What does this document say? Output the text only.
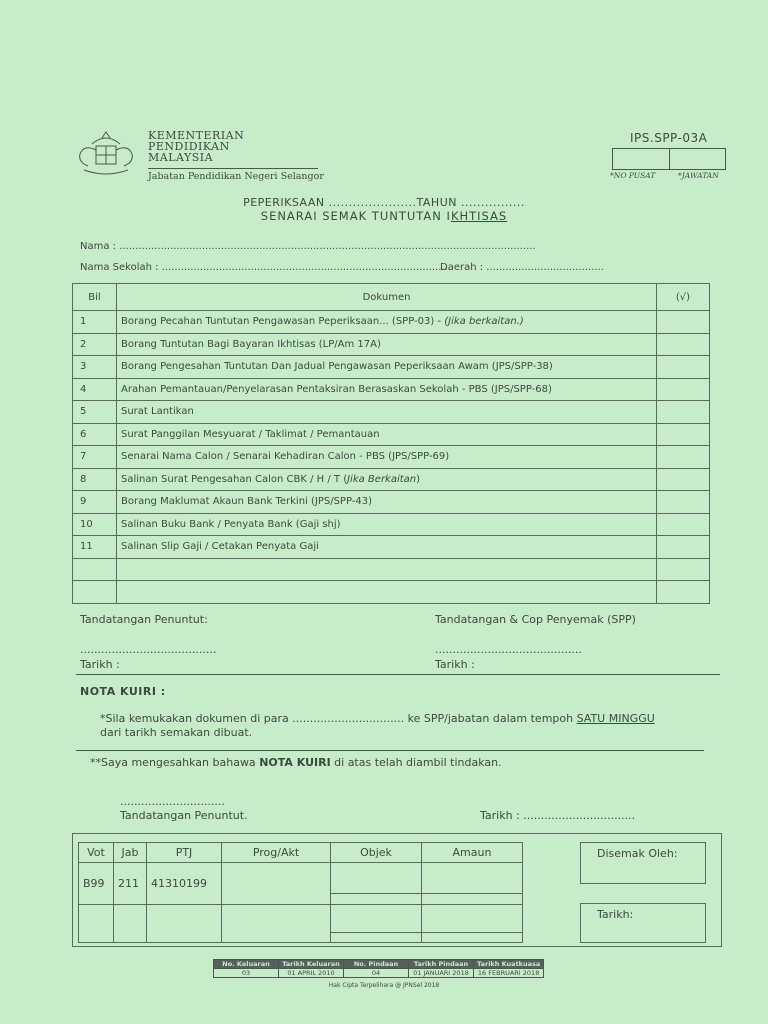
KEMENTERIAN
PENDIDIKAN
MALAYSIA
Jabatan Pendidikan Negeri Selangor
IPS.SPP-03A
*NO PUSAT	*JAWATAN
PEPERIKSAAN ......................TAHUN ................
SENARAI SEMAK TUNTUTAN IKHTISAS
Nama : ...................................................................................................................................
Nama Sekolah : ...........................................................................................
Daerah : .....................................
Bil	Dokumen	(√)
1	Borang Pecahan Tuntutan Pengawasan Peperiksaan... (SPP-03) - (Jika berkaitan.)	
2	Borang Tuntutan Bagi Bayaran Ikhtisas (LP/Am 17A)	
3	Borang Pengesahan Tuntutan Dan Jadual Pengawasan Peperiksaan Awam (JPS/SPP-38)	
4	Arahan Pemantauan/Penyelarasan Pentaksiran Berasaskan Sekolah - PBS (JPS/SPP-68)	
5	Surat Lantikan	
6	Surat Panggilan Mesyuarat / Taklimat / Pemantauan	
7	Senarai Nama Calon / Senarai Kehadiran Calon - PBS (JPS/SPP-69)	
8	Salinan Surat Pengesahan Calon CBK / H / T (Jika Berkaitan)	
9	Borang Maklumat Akaun Bank Terkini (JPS/SPP-43)	
10	Salinan Buku Bank / Penyata Bank (Gaji shj)	
11	Salinan Slip Gaji / Cetakan Penyata Gaji	

Tandatangan Penuntut:	Tandatangan & Cop Penyemak (SPP)
.......................................	..........................................
Tarikh :	Tarikh :
NOTA KUIRI :
*Sila kemukakan dokumen di para ................................ ke SPP/jabatan dalam tempoh SATU MINGGU
dari tarikh semakan dibuat.
**Saya mengesahkan bahawa NOTA KUIRI di atas telah diambil tindakan.
..............................
Tandatangan Penuntut.	Tarikh : ................................
Vot	Jab	PTJ	Prog/Akt	Objek	Amaun
B99	211	41310199		

Disemak Oleh:
Tarikh:
No. Keluaran	Tarikh Keluaran	No. Pindaan	Tarikh Pindaan	Tarikh Kuatkuasa
03	01 APRIL 2010	04	01 JANUARI 2018	16 FEBRUARI 2018
Hak Cipta Terpelihara @ JPNSel 2018
